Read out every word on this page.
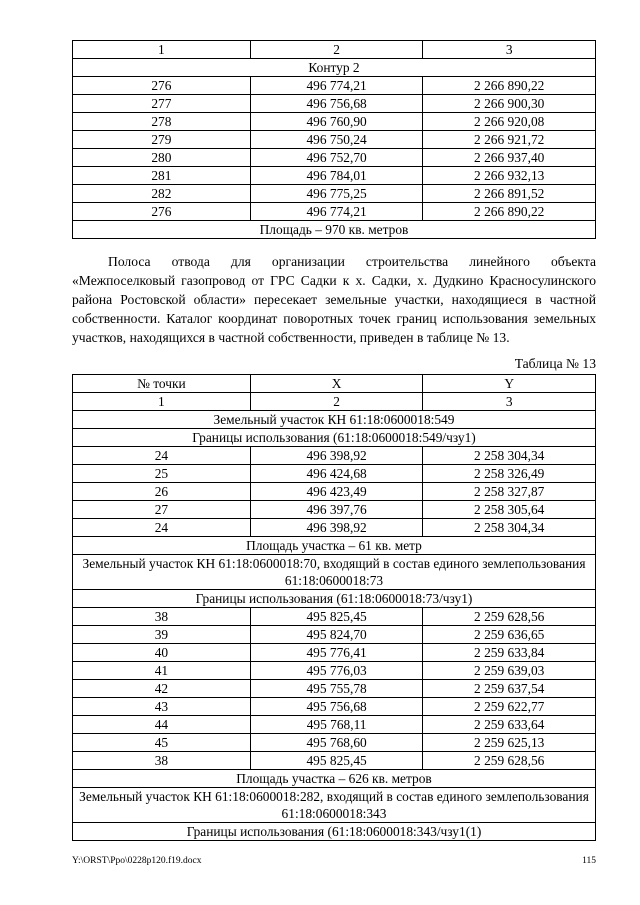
1	2	3
Контур 2		
276	496 774,21	2 266 890,22
277	496 756,68	2 266 900,30
278	496 760,90	2 266 920,08
279	496 750,24	2 266 921,72
280	496 752,70	2 266 937,40
281	496 784,01	2 266 932,13
282	496 775,25	2 266 891,52
276	496 774,21	2 266 890,22
Площадь – 970 кв. метров		

Полоса отвода для организации строительства линейного объекта «Межпоселковый газопровод от ГРС Садки к х. Садки, х. Дудкино Красносулинского района Ростовской области» пересекает земельные участки, находящиеся в частной собственности. Каталог координат поворотных точек границ использования земельных участков, находящихся в частной собственности, приведен в таблице № 13.

Таблица № 13
№ точки	X	Y
1	2	3
Земельный участок КН 61:18:0600018:549		
Границы использования (61:18:0600018:549/чзу1)		
24	496 398,92	2 258 304,34
25	496 424,68	2 258 326,49
26	496 423,49	2 258 327,87
27	496 397,76	2 258 305,64
24	496 398,92	2 258 304,34
Площадь участка – 61 кв. метр		
Земельный участок КН 61:18:0600018:70, входящий в состав единого землепользования 61:18:0600018:73		
Границы использования (61:18:0600018:73/чзу1)		
38	495 825,45	2 259 628,56
39	495 824,70	2 259 636,65
40	495 776,41	2 259 633,84
41	495 776,03	2 259 639,03
42	495 755,78	2 259 637,54
43	495 756,68	2 259 622,77
44	495 768,11	2 259 633,64
45	495 768,60	2 259 625,13
38	495 825,45	2 259 628,56
Площадь участка – 626 кв. метров		
Земельный участок КН 61:18:0600018:282, входящий в состав единого землепользования 61:18:0600018:343		
Границы использования (61:18:0600018:343/чзу1(1)		
Y:\ORST\Ppo\0228p120.f19.docx	115
